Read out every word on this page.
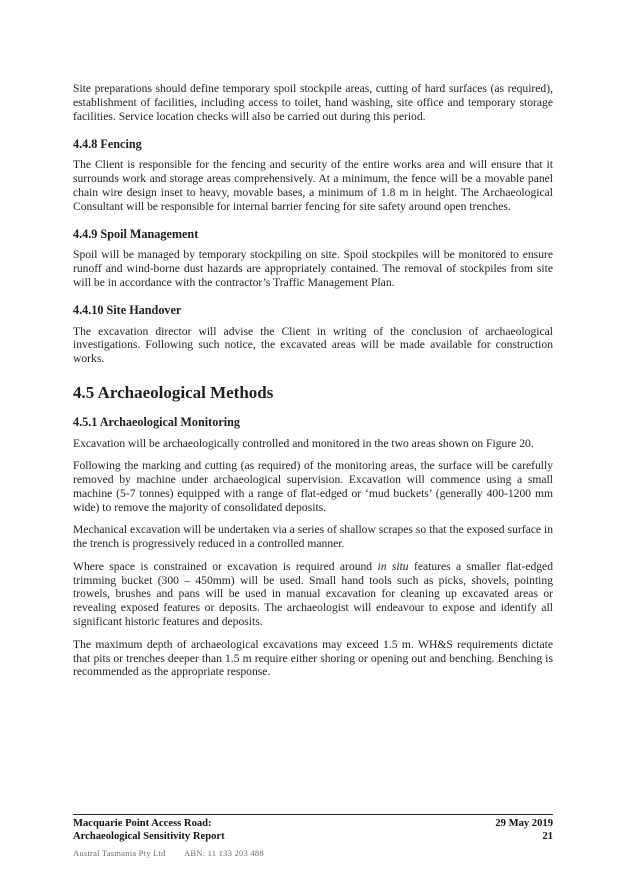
Site preparations should define temporary spoil stockpile areas, cutting of hard surfaces (as required), establishment of facilities, including access to toilet, hand washing, site office and temporary storage facilities. Service location checks will also be carried out during this period.

4.4.8 Fencing

The Client is responsible for the fencing and security of the entire works area and will ensure that it surrounds work and storage areas comprehensively. At a minimum, the fence will be a movable panel chain wire design inset to heavy, movable bases, a minimum of 1.8 m in height. The Archaeological Consultant will be responsible for internal barrier fencing for site safety around open trenches.

4.4.9 Spoil Management

Spoil will be managed by temporary stockpiling on site. Spoil stockpiles will be monitored to ensure runoff and wind-borne dust hazards are appropriately contained. The removal of stockpiles from site will be in accordance with the contractor’s Traffic Management Plan.

4.4.10 Site Handover

The excavation director will advise the Client in writing of the conclusion of archaeological investigations. Following such notice, the excavated areas will be made available for construction works.

4.5 Archaeological Methods
4.5.1 Archaeological Monitoring

Excavation will be archaeologically controlled and monitored in the two areas shown on Figure 20.

Following the marking and cutting (as required) of the monitoring areas, the surface will be carefully removed by machine under archaeological supervision. Excavation will commence using a small machine (5-7 tonnes) equipped with a range of flat-edged or ‘mud buckets’ (generally 400-1200 mm wide) to remove the majority of consolidated deposits.

Mechanical excavation will be undertaken via a series of shallow scrapes so that the exposed surface in the trench is progressively reduced in a controlled manner.

Where space is constrained or excavation is required around in situ features a smaller flat-edged trimming bucket (300 – 450mm) will be used. Small hand tools such as picks, shovels, pointing trowels, brushes and pans will be used in manual excavation for cleaning up excavated areas or revealing exposed features or deposits. The archaeologist will endeavour to expose and identify all significant historic features and deposits.

The maximum depth of archaeological excavations may exceed 1.5 m. WH&S requirements dictate that pits or trenches deeper than 1.5 m require either shoring or opening out and benching. Benching is recommended as the appropriate response.

Macquarie Point Access Road:
Archaeological Sensitivity Report
29 May 2019
21
Austral Tasmania Pty Ltd ABN: 11 133 203 488
